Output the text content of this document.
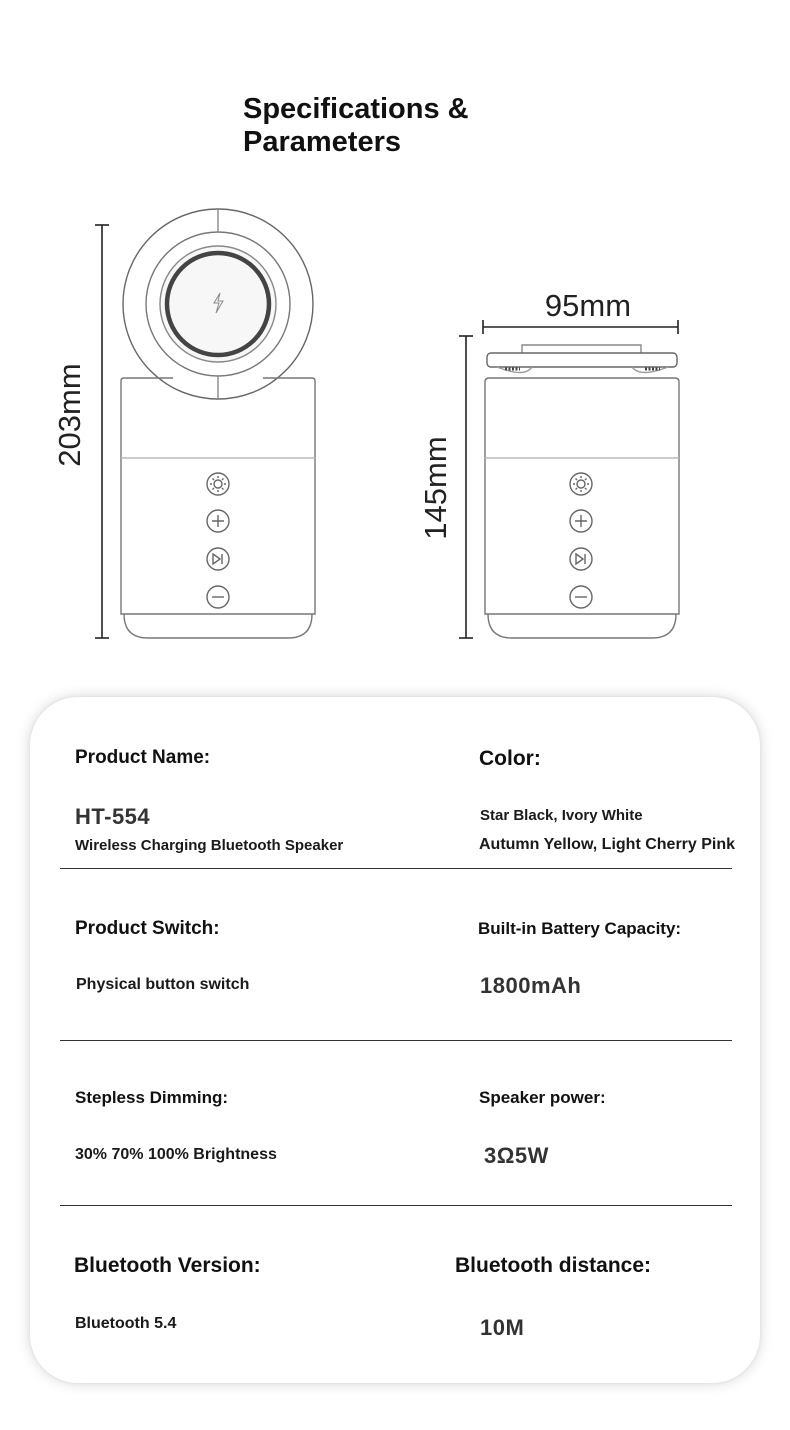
Specifications &
Parameters
203mm
95mm
145mm
Product Name:
HT-554
Wireless Charging Bluetooth Speaker
Color:
Star Black, Ivory White
Autumn Yellow, Light Cherry Pink
Product Switch:
Physical button switch
Built-in Battery Capacity:
1800mAh
Stepless Dimming:
30% 70% 100% Brightness
Speaker power:
3Ω5W
Bluetooth Version:
Bluetooth 5.4
Bluetooth distance:
10M
